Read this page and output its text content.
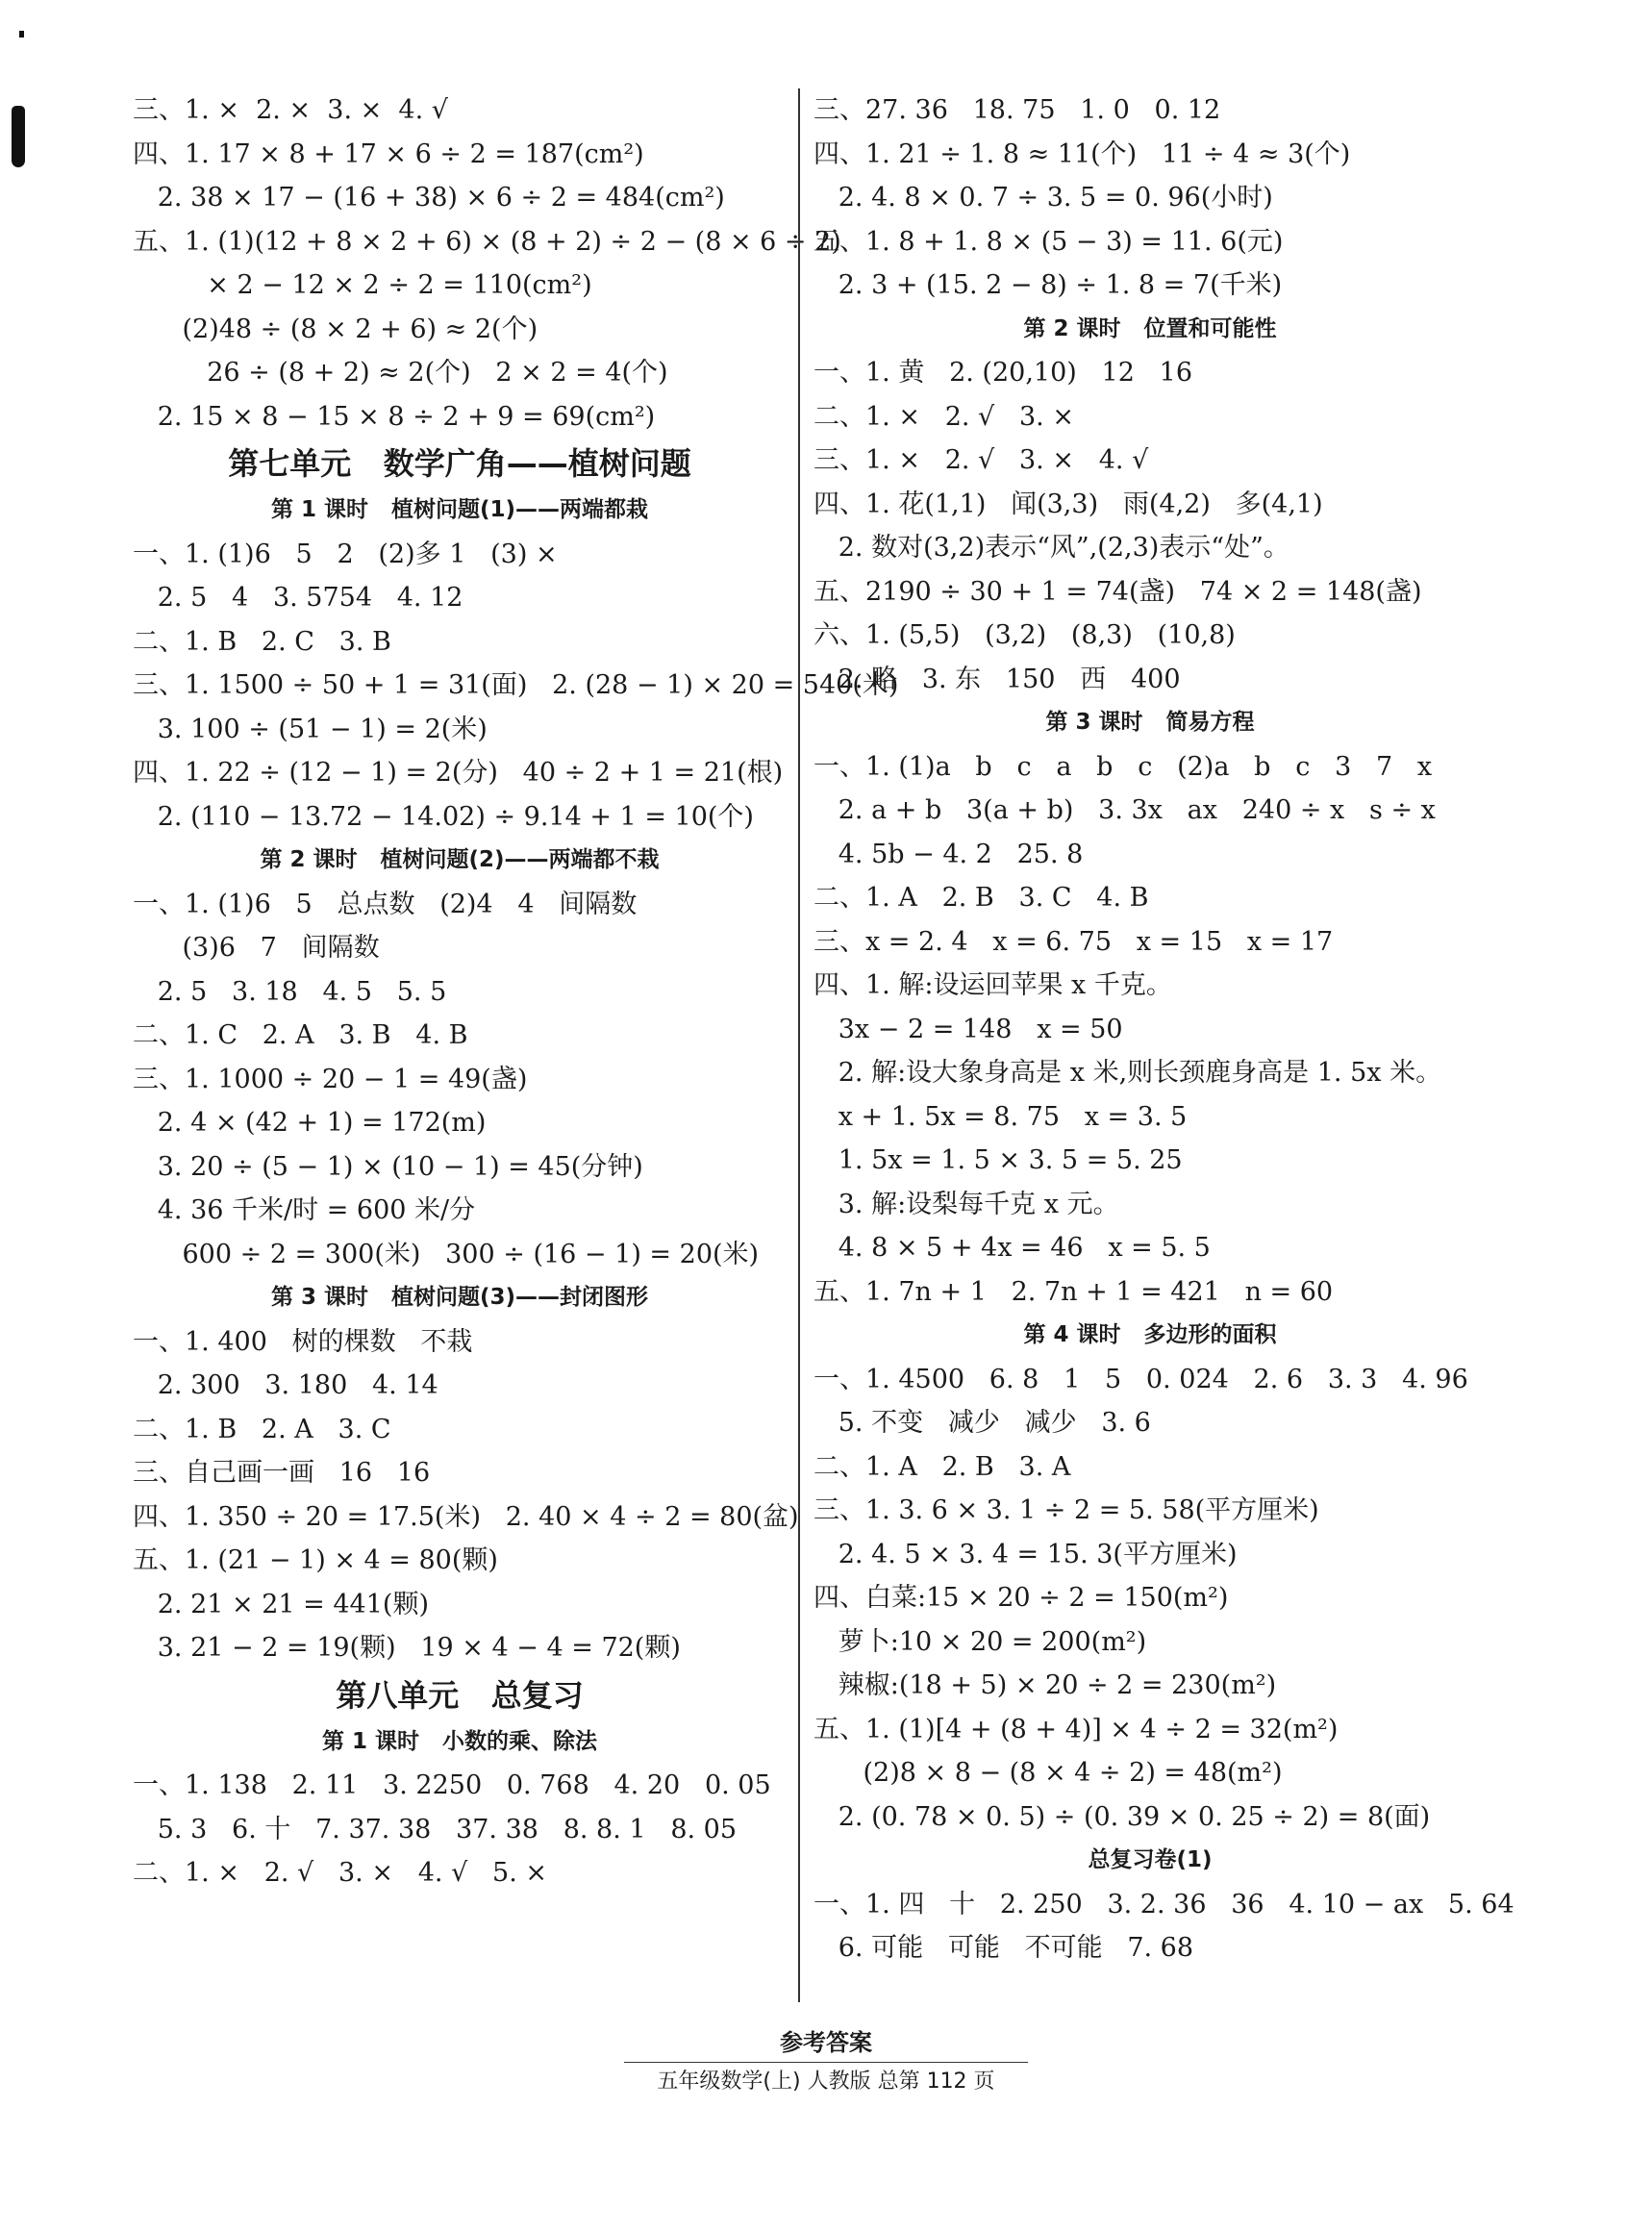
三、1. ×  2. ×  3. ×  4. √
四、1. 17 × 8 + 17 × 6 ÷ 2 = 187(cm²)
2. 38 × 17 − (16 + 38) × 6 ÷ 2 = 484(cm²)
五、1. (1)(12 + 8 × 2 + 6) × (8 + 2) ÷ 2 − (8 × 6 ÷ 2)
× 2 − 12 × 2 ÷ 2 = 110(cm²)
(2)48 ÷ (8 × 2 + 6) ≈ 2(个)
26 ÷ (8 + 2) ≈ 2(个)   2 × 2 = 4(个)
2. 15 × 8 − 15 × 8 ÷ 2 + 9 = 69(cm²)
第七单元   数学广角——植树问题
第 1 课时   植树问题(1)——两端都栽
一、1. (1)6   5   2   (2)多 1   (3) ×
2. 5   4   3. 5754   4. 12
二、1. B   2. C   3. B
三、1. 1500 ÷ 50 + 1 = 31(面)   2. (28 − 1) × 20 = 540(米)
3. 100 ÷ (51 − 1) = 2(米)
四、1. 22 ÷ (12 − 1) = 2(分)   40 ÷ 2 + 1 = 21(根)
2. (110 − 13.72 − 14.02) ÷ 9.14 + 1 = 10(个)
第 2 课时   植树问题(2)——两端都不栽
一、1. (1)6   5   总点数   (2)4   4   间隔数
(3)6   7   间隔数
2. 5   3. 18   4. 5   5. 5
二、1. C   2. A   3. B   4. B
三、1. 1000 ÷ 20 − 1 = 49(盏)
2. 4 × (42 + 1) = 172(m)
3. 20 ÷ (5 − 1) × (10 − 1) = 45(分钟)
4. 36 千米/时 = 600 米/分
600 ÷ 2 = 300(米)   300 ÷ (16 − 1) = 20(米)
第 3 课时   植树问题(3)——封闭图形
一、1. 400   树的棵数   不栽
2. 300   3. 180   4. 14
二、1. B   2. A   3. C
三、自己画一画   16   16
四、1. 350 ÷ 20 = 17.5(米)   2. 40 × 4 ÷ 2 = 80(盆)
五、1. (21 − 1) × 4 = 80(颗)
2. 21 × 21 = 441(颗)
3. 21 − 2 = 19(颗)   19 × 4 − 4 = 72(颗)
第八单元   总复习
第 1 课时   小数的乘、除法
一、1. 138   2. 11   3. 2250   0. 768   4. 20   0. 05
5. 3   6. 十   7. 37. 38   37. 38   8. 8. 1   8. 05
二、1. ×   2. √   3. ×   4. √   5. ×
三、27. 36   18. 75   1. 0   0. 12
四、1. 21 ÷ 1. 8 ≈ 11(个)   11 ÷ 4 ≈ 3(个)
2. 4. 8 × 0. 7 ÷ 3. 5 = 0. 96(小时)
五、1. 8 + 1. 8 × (5 − 3) = 11. 6(元)
2. 3 + (15. 2 − 8) ÷ 1. 8 = 7(千米)
第 2 课时   位置和可能性
一、1. 黄   2. (20,10)   12   16
二、1. ×   2. √   3. ×
三、1. ×   2. √   3. ×   4. √
四、1. 花(1,1)   闻(3,3)   雨(4,2)   多(4,1)
2. 数对(3,2)表示“风”,(2,3)表示“处”。
五、2190 ÷ 30 + 1 = 74(盏)   74 × 2 = 148(盏)
六、1. (5,5)   (3,2)   (8,3)   (10,8)
2. 略   3. 东   150   西   400
第 3 课时   简易方程
一、1. (1)a   b   c   a   b   c   (2)a   b   c   3   7   x
2. a + b   3(a + b)   3. 3x   ax   240 ÷ x   s ÷ x
4. 5b − 4. 2   25. 8
二、1. A   2. B   3. C   4. B
三、x = 2. 4   x = 6. 75   x = 15   x = 17
四、1. 解:设运回苹果 x 千克。
3x − 2 = 148   x = 50
2. 解:设大象身高是 x 米,则长颈鹿身高是 1. 5x 米。
x + 1. 5x = 8. 75   x = 3. 5
1. 5x = 1. 5 × 3. 5 = 5. 25
3. 解:设梨每千克 x 元。
4. 8 × 5 + 4x = 46   x = 5. 5
五、1. 7n + 1   2. 7n + 1 = 421   n = 60
第 4 课时   多边形的面积
一、1. 4500   6. 8   1   5   0. 024   2. 6   3. 3   4. 96
5. 不变   减少   减少   3. 6
二、1. A   2. B   3. A
三、1. 3. 6 × 3. 1 ÷ 2 = 5. 58(平方厘米)
2. 4. 5 × 3. 4 = 15. 3(平方厘米)
四、白菜:15 × 20 ÷ 2 = 150(m²)
萝卜:10 × 20 = 200(m²)
辣椒:(18 + 5) × 20 ÷ 2 = 230(m²)
五、1. (1)[4 + (8 + 4)] × 4 ÷ 2 = 32(m²)
(2)8 × 8 − (8 × 4 ÷ 2) = 48(m²)
2. (0. 78 × 0. 5) ÷ (0. 39 × 0. 25 ÷ 2) = 8(面)
总复习卷(1)
一、1. 四   十   2. 250   3. 2. 36   36   4. 10 − ax   5. 64
6. 可能   可能   不可能   7. 68
参考答案
五年级数学(上) 人教版 总第 112 页
